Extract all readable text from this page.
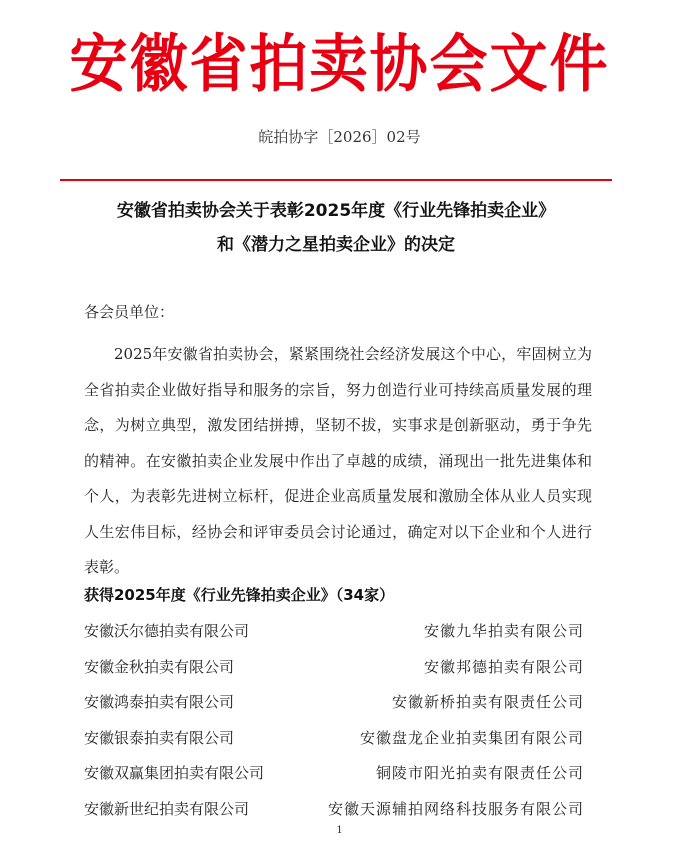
安徽省拍卖协会文件
皖拍协字［2026］02号
安徽省拍卖协会关于表彰2025年度《行业先锋拍卖企业》
和《潜力之星拍卖企业》的决定
各会员单位：
2025年安徽省拍卖协会，紧紧围绕社会经济发展这个中心，牢固树立为全省拍卖企业做好指导和服务的宗旨，努力创造行业可持续高质量发展的理念，为树立典型，激发团结拼搏，坚韧不拔，实事求是创新驱动，勇于争先的精神。在安徽拍卖企业发展中作出了卓越的成绩，涌现出一批先进集体和个人，为表彰先进树立标杆，促进企业高质量发展和激励全体从业人员实现人生宏伟目标，经协会和评审委员会讨论通过，确定对以下企业和个人进行表彰。
获得2025年度《行业先锋拍卖企业》（34家）
安徽沃尔德拍卖有限公司	安徽九华拍卖有限公司
安徽金秋拍卖有限公司	安徽邦德拍卖有限公司
安徽鸿泰拍卖有限公司	安徽新桥拍卖有限责任公司
安徽银泰拍卖有限公司	安徽盘龙企业拍卖集团有限公司
安徽双赢集团拍卖有限公司	铜陵市阳光拍卖有限责任公司
安徽新世纪拍卖有限公司	安徽天源辅拍网络科技服务有限公司
1
